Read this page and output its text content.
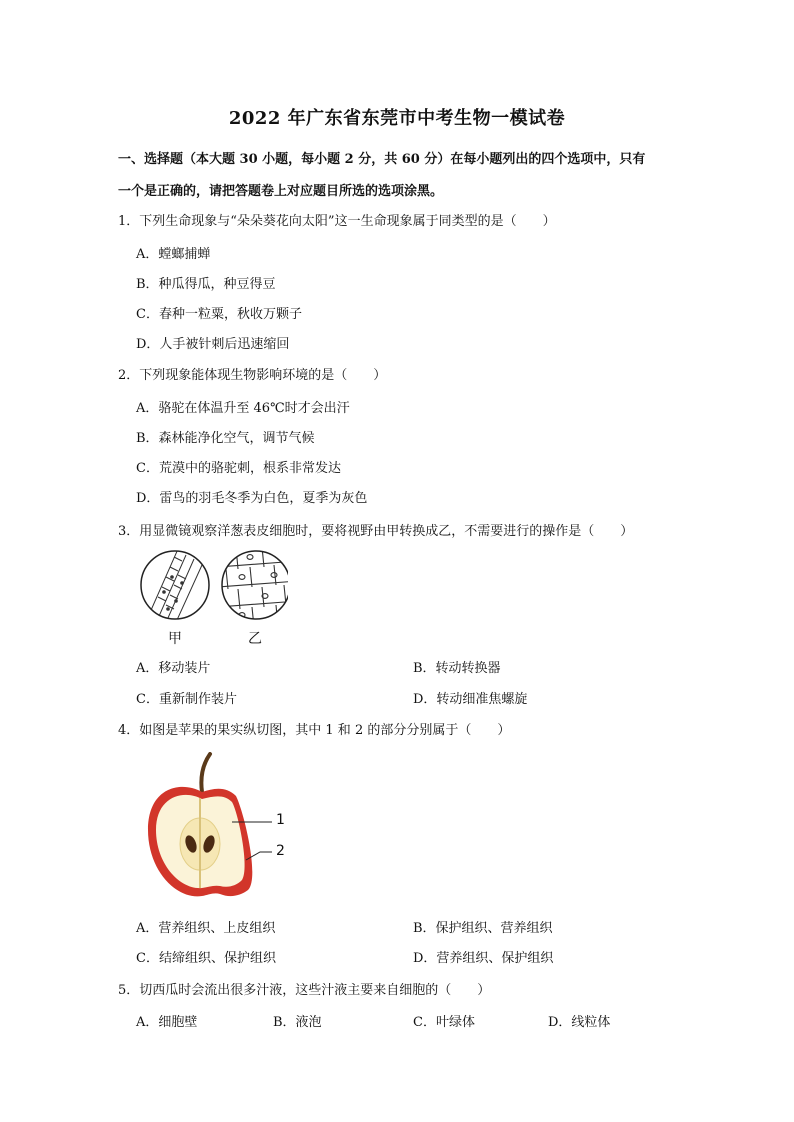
2022 年广东省东莞市中考生物一模试卷
一、选择题（本大题 30 小题，每小题 2 分，共 60 分）在每小题列出的四个选项中，只有
一个是正确的，请把答题卷上对应题目所选的选项涂黑。
1．下列生命现象与“朵朵葵花向太阳”这一生命现象属于同类型的是（　　）
A．螳螂捕蝉
B．种瓜得瓜，种豆得豆
C．春种一粒粟，秋收万颗子
D．人手被针刺后迅速缩回
2．下列现象能体现生物影响环境的是（　　）
A．骆驼在体温升至 46℃时才会出汗
B．森林能净化空气，调节气候
C．荒漠中的骆驼刺，根系非常发达
D．雷鸟的羽毛冬季为白色，夏季为灰色
3．用显微镜观察洋葱表皮细胞时，要将视野由甲转换成乙，不需要进行的操作是（　　）
甲	乙
A．移动装片	B．转动转换器
C．重新制作装片	D．转动细准焦螺旋
4．如图是苹果的果实纵切图，其中 1 和 2 的部分分别属于（　　）
1
2
A．营养组织、上皮组织	B．保护组织、营养组织
C．结缔组织、保护组织	D．营养组织、保护组织
5．切西瓜时会流出很多汁液，这些汁液主要来自细胞的（　　）
A．细胞壁	B．液泡	C．叶绿体	D．线粒体
